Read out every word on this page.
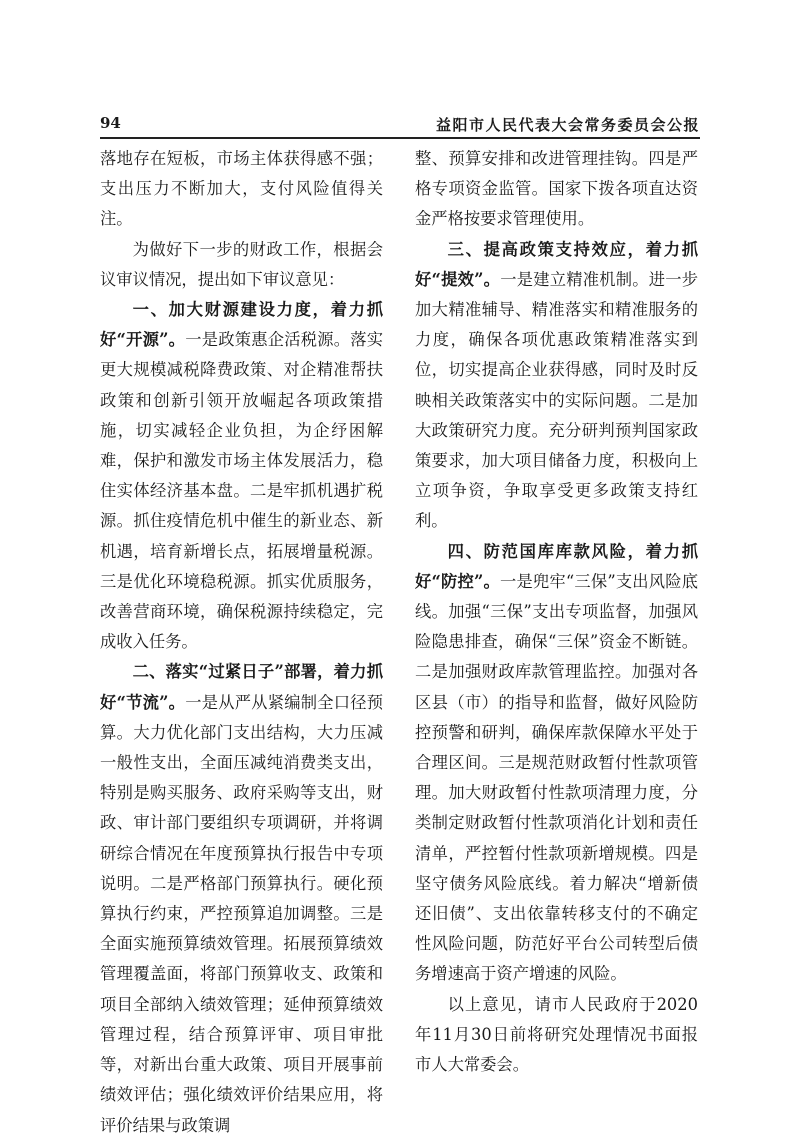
94	益阳市人民代表大会常务委员会公报

落地存在短板，市场主体获得感不强；支出压力不断加大，支付风险值得关注。

为做好下一步的财政工作，根据会议审议情况，提出如下审议意见：

一、加大财源建设力度，着力抓好“开源”。一是政策惠企活税源。落实更大规模减税降费政策、对企精准帮扶政策和创新引领开放崛起各项政策措施，切实减轻企业负担，为企纾困解难，保护和激发市场主体发展活力，稳住实体经济基本盘。二是牢抓机遇扩税源。抓住疫情危机中催生的新业态、新机遇，培育新增长点，拓展增量税源。三是优化环境稳税源。抓实优质服务，改善营商环境，确保税源持续稳定，完成收入任务。

二、落实“过紧日子”部署，着力抓好“节流”。一是从严从紧编制全口径预算。大力优化部门支出结构，大力压减一般性支出，全面压减纯消费类支出，特别是购买服务、政府采购等支出，财政、审计部门要组织专项调研，并将调研综合情况在年度预算执行报告中专项说明。二是严格部门预算执行。硬化预算执行约束，严控预算追加调整。三是全面实施预算绩效管理。拓展预算绩效管理覆盖面，将部门预算收支、政策和项目全部纳入绩效管理；延伸预算绩效管理过程，结合预算评审、项目审批等，对新出台重大政策、项目开展事前绩效评估；强化绩效评价结果应用，将评价结果与政策调

整、预算安排和改进管理挂钩。四是严格专项资金监管。国家下拨各项直达资金严格按要求管理使用。

三、提高政策支持效应，着力抓好“提效”。一是建立精准机制。进一步加大精准辅导、精准落实和精准服务的力度，确保各项优惠政策精准落实到位，切实提高企业获得感，同时及时反映相关政策落实中的实际问题。二是加大政策研究力度。充分研判预判国家政策要求，加大项目储备力度，积极向上立项争资，争取享受更多政策支持红利。

四、防范国库库款风险，着力抓好“防控”。一是兜牢“三保”支出风险底线。加强“三保”支出专项监督，加强风险隐患排查，确保“三保”资金不断链。二是加强财政库款管理监控。加强对各区县（市）的指导和监督，做好风险防控预警和研判，确保库款保障水平处于合理区间。三是规范财政暂付性款项管理。加大财政暂付性款项清理力度，分类制定财政暂付性款项消化计划和责任清单，严控暂付性款项新增规模。四是坚守债务风险底线。着力解决“增新债还旧债”、支出依靠转移支付的不确定性风险问题，防范好平台公司转型后债务增速高于资产增速的风险。

以上意见，请市人民政府于2020年11月30日前将研究处理情况书面报市人大常委会。
